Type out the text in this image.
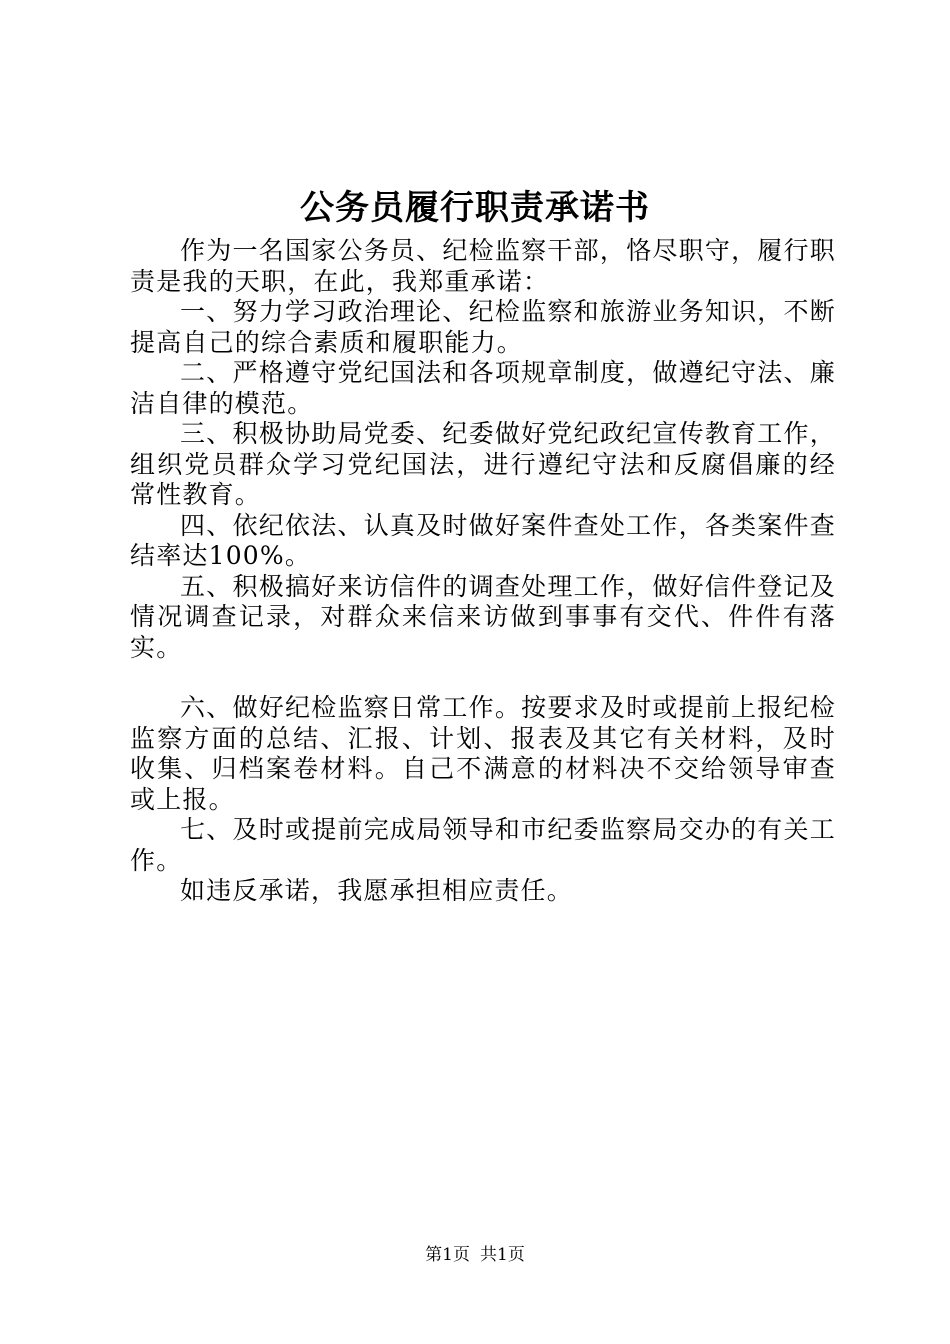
公务员履行职责承诺书

作为一名国家公务员、纪检监察干部，恪尽职守，履行职责是我的天职，在此，我郑重承诺：

一、努力学习政治理论、纪检监察和旅游业务知识，不断提高自己的综合素质和履职能力。

二、严格遵守党纪国法和各项规章制度，做遵纪守法、廉洁自律的模范。

三、积极协助局党委、纪委做好党纪政纪宣传教育工作，组织党员群众学习党纪国法，进行遵纪守法和反腐倡廉的经常性教育。

四、依纪依法、认真及时做好案件查处工作，各类案件查结率达100%。

五、积极搞好来访信件的调查处理工作，做好信件登记及情况调查记录，对群众来信来访做到事事有交代、件件有落实。

六、做好纪检监察日常工作。按要求及时或提前上报纪检监察方面的总结、汇报、计划、报表及其它有关材料，及时收集、归档案卷材料。自己不满意的材料决不交给领导审查或上报。

七、及时或提前完成局领导和市纪委监察局交办的有关工作。

如违反承诺，我愿承担相应责任。

第1页 共1页
